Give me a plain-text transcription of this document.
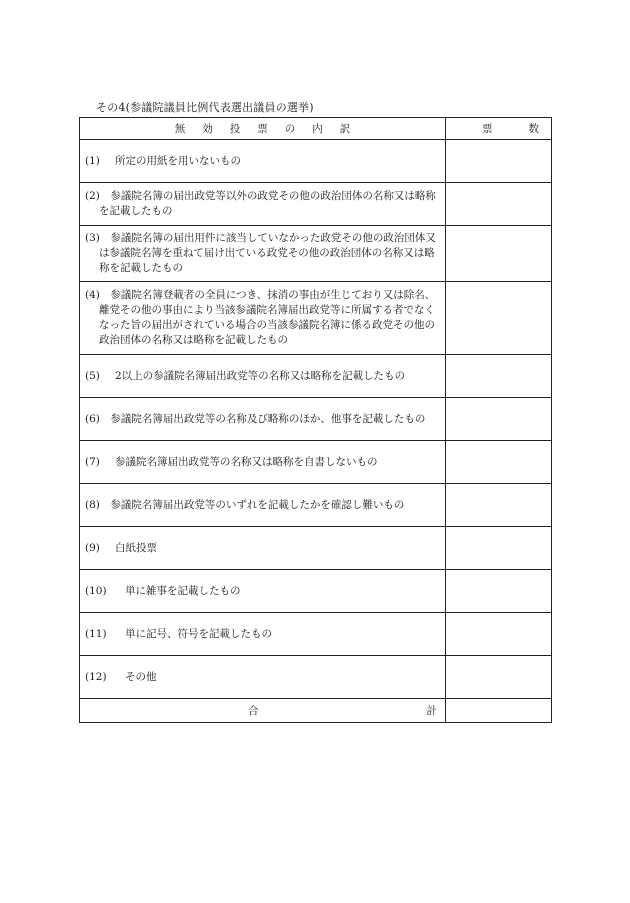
その4(参議院議員比例代表選出議員の選挙)
無効投票の内訳	票数

(1) 所定の用紙を用いないもの	

(2)　 参議院名簿の届出政党等以外の政党その他の政治団体の名称又は略称を記載したもの	

(3)　 参議院名簿の届出用件に該当していなかった政党その他の政治団体又は参議院名簿を重ねて届け出ている政党その他の政治団体の名称又は略称を記載したもの	

(4)　 参議院名簿登載者の全員につき、抹消の事由が生じており又は除名、離党その他の事由により当該参議院名簿届出政党等に所属する者でなくなった旨の届出がされている場合の当該参議院名簿に係る政党その他の政治団体の名称又は略称を記載したもの	

(5) 2以上の参議院名簿届出政党等の名称又は略称を記載したもの	

(6)　 参議院名簿届出政党等の名称及び略称のほか、他事を記載したもの	

(7) 参議院名簿届出政党等の名称又は略称を自書しないもの	

(8)　 参議院名簿届出政党等のいずれを記載したかを確認し難いもの	

(9) 白紙投票	

(10) 単に雑事を記載したもの	

(11) 単に記号、符号を記載したもの	

(12) その他	

合計	
